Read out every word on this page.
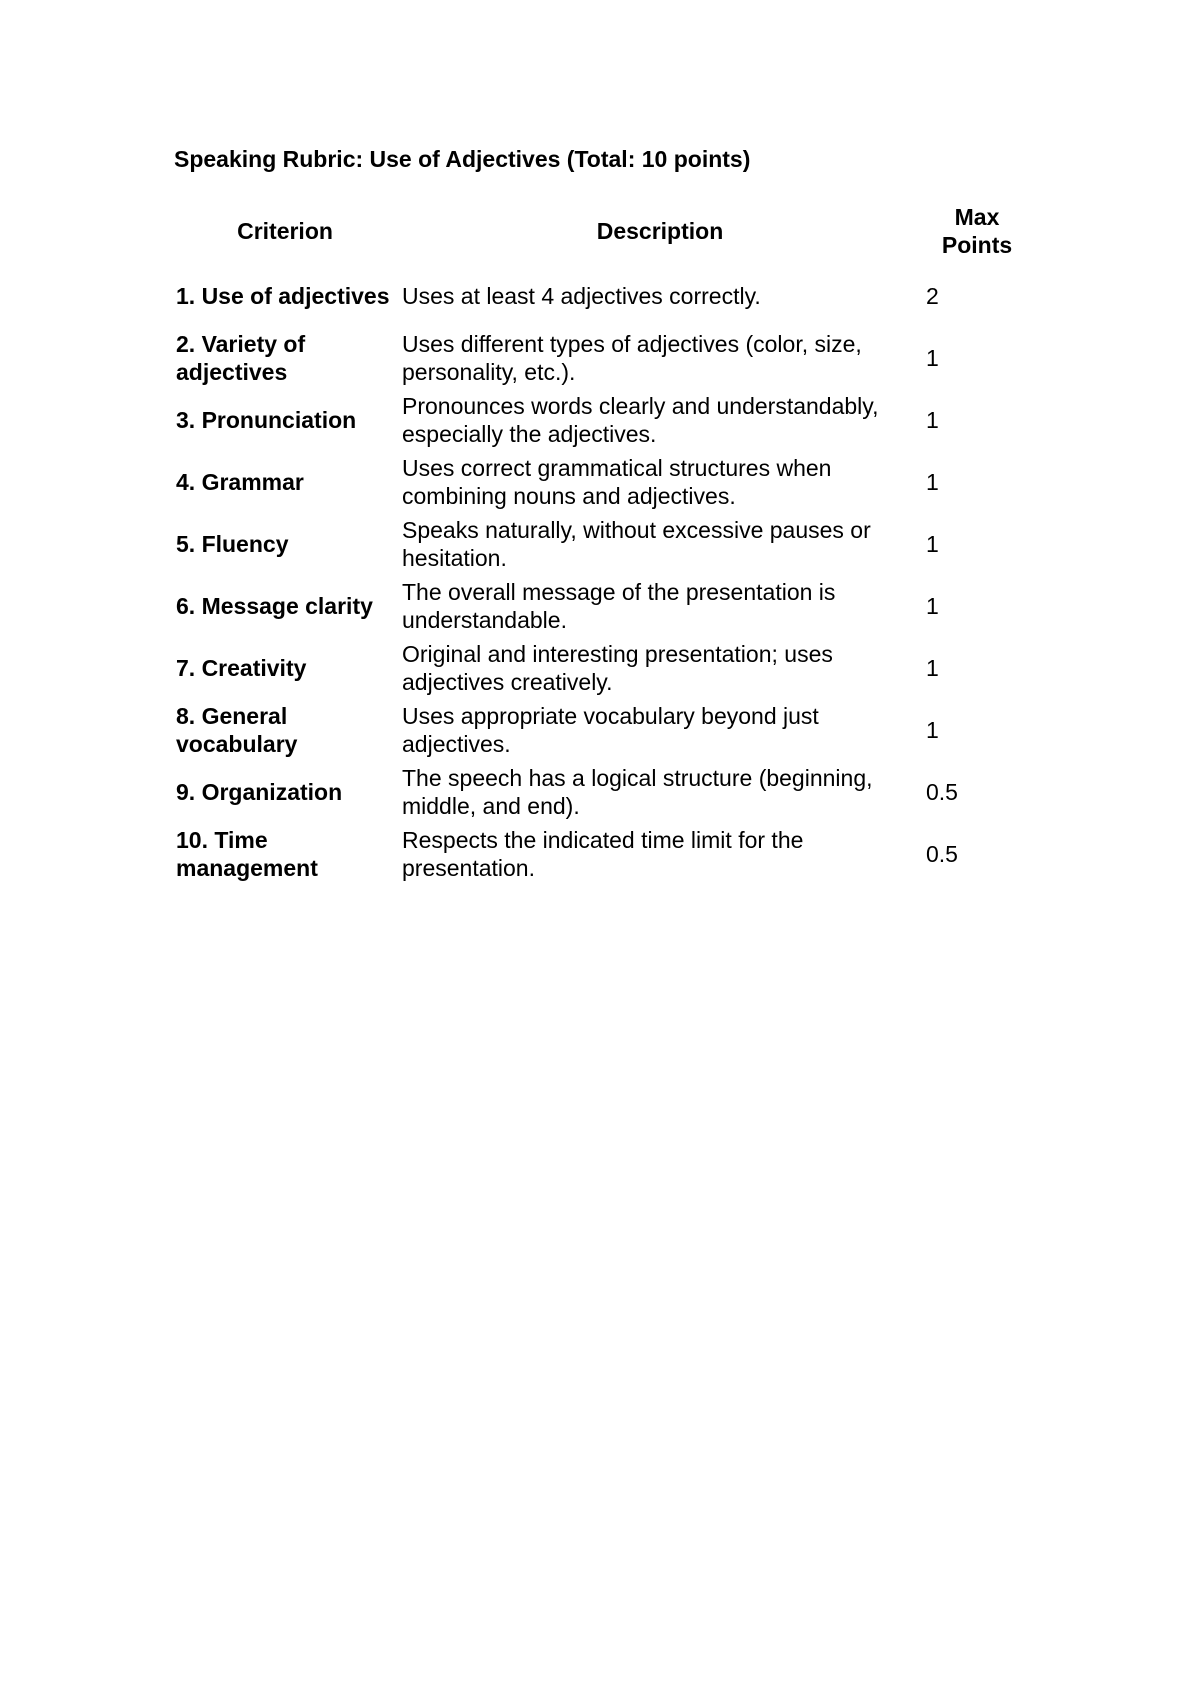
Speaking Rubric: Use of Adjectives (Total: 10 points)

Criterion	Description	Max Points
1. Use of adjectives	Uses at least 4 adjectives correctly.	2
2. Variety of adjectives	Uses different types of adjectives (color, size, personality, etc.).	1
3. Pronunciation	Pronounces words clearly and understandably, especially the adjectives.	1
4. Grammar	Uses correct grammatical structures when combining nouns and adjectives.	1
5. Fluency	Speaks naturally, without excessive pauses or hesitation.	1
6. Message clarity	The overall message of the presentation is understandable.	1
7. Creativity	Original and interesting presentation; uses adjectives creatively.	1
8. General vocabulary	Uses appropriate vocabulary beyond just adjectives.	1
9. Organization	The speech has a logical structure (beginning, middle, and end).	0.5
10. Time management	Respects the indicated time limit for the presentation.	0.5
